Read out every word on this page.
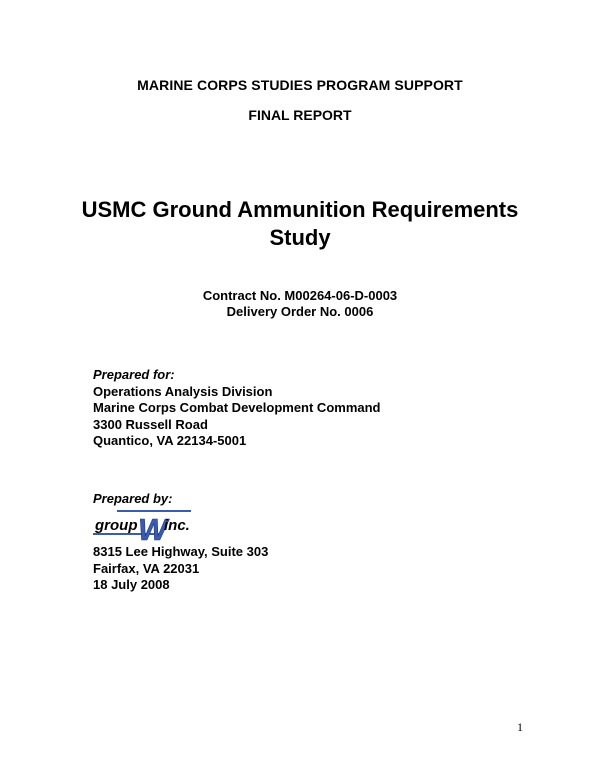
MARINE CORPS STUDIES PROGRAM SUPPORT
FINAL REPORT
USMC Ground Ammunition Requirements
Study
Contract No. M00264-06-D-0003
Delivery Order No. 0006
Prepared for:
Operations Analysis Division
Marine Corps Combat Development Command
3300 Russell Road
Quantico, VA 22134-5001
Prepared by:
group W
inc.
8315 Lee Highway, Suite 303
Fairfax, VA 22031
18 July 2008
1
